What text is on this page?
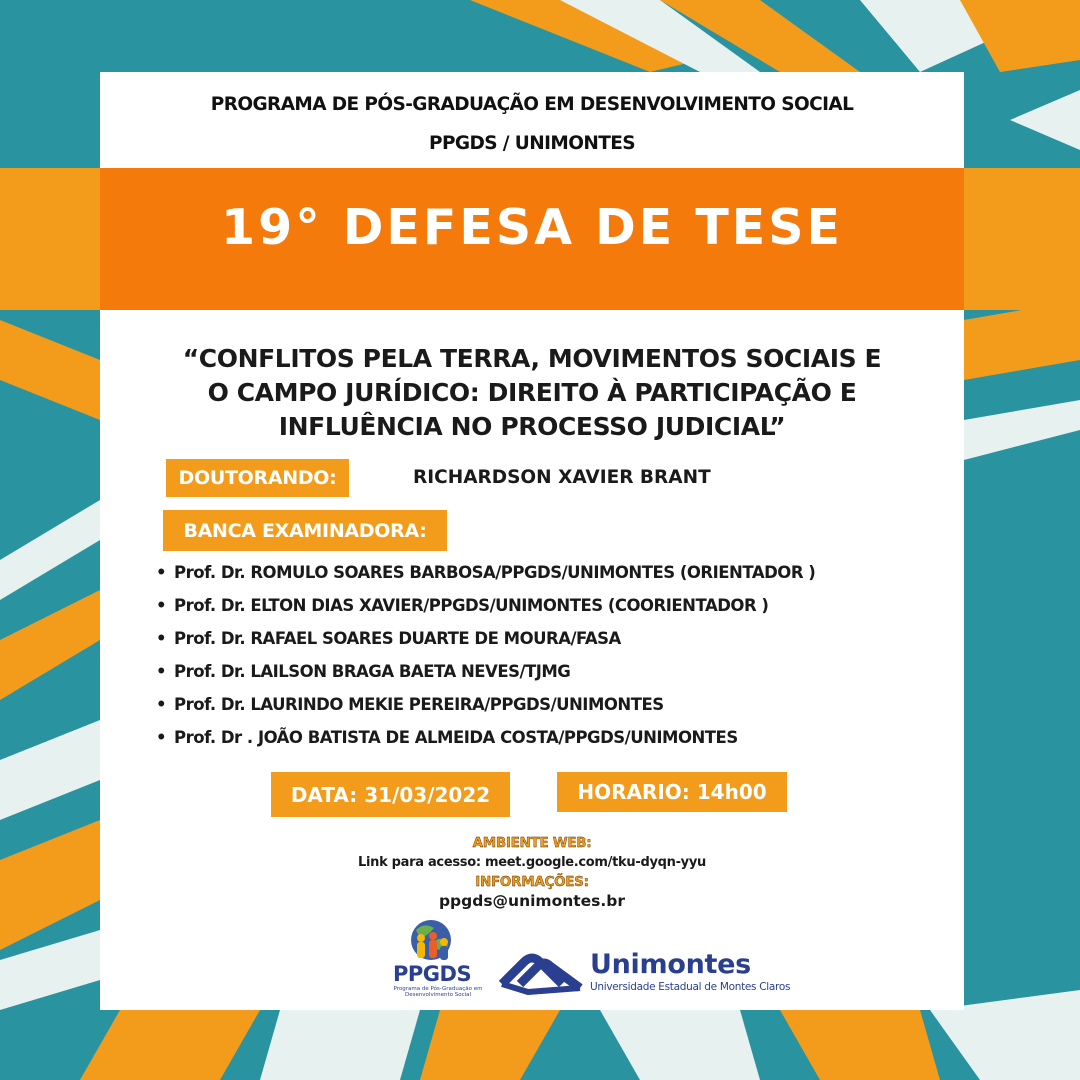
PROGRAMA DE PÓS-GRADUAÇÃO EM DESENVOLVIMENTO SOCIAL
PPGDS / UNIMONTES
19° DEFESA DE TESE
“CONFLITOS PELA TERRA, MOVIMENTOS SOCIAIS E
O CAMPO JURÍDICO: DIREITO À PARTICIPAÇÃO E
INFLUÊNCIA NO PROCESSO JUDICIAL”
DOUTORANDO:	RICHARDSON XAVIER BRANT
BANCA EXAMINADORA:
• Prof. Dr. ROMULO SOARES BARBOSA/PPGDS/UNIMONTES (ORIENTADOR )
• Prof. Dr. ELTON DIAS XAVIER/PPGDS/UNIMONTES (COORIENTADOR )
• Prof. Dr. RAFAEL SOARES DUARTE DE MOURA/FASA
• Prof. Dr. LAILSON BRAGA BAETA NEVES/TJMG
• Prof. Dr. LAURINDO MEKIE PEREIRA/PPGDS/UNIMONTES
• Prof. Dr . JOÃO BATISTA DE ALMEIDA COSTA/PPGDS/UNIMONTES
DATA: 31/03/2022	HORARIO: 14h00
AMBIENTE WEB:
Link para acesso: meet.google.com/tku-dyqn-yyu
INFORMAÇÕES:
ppgds@unimontes.br
PPGDS
Programa de Pós-Graduação em Desenvolvimento Social
Unimontes
Universidade Estadual de Montes Claros
